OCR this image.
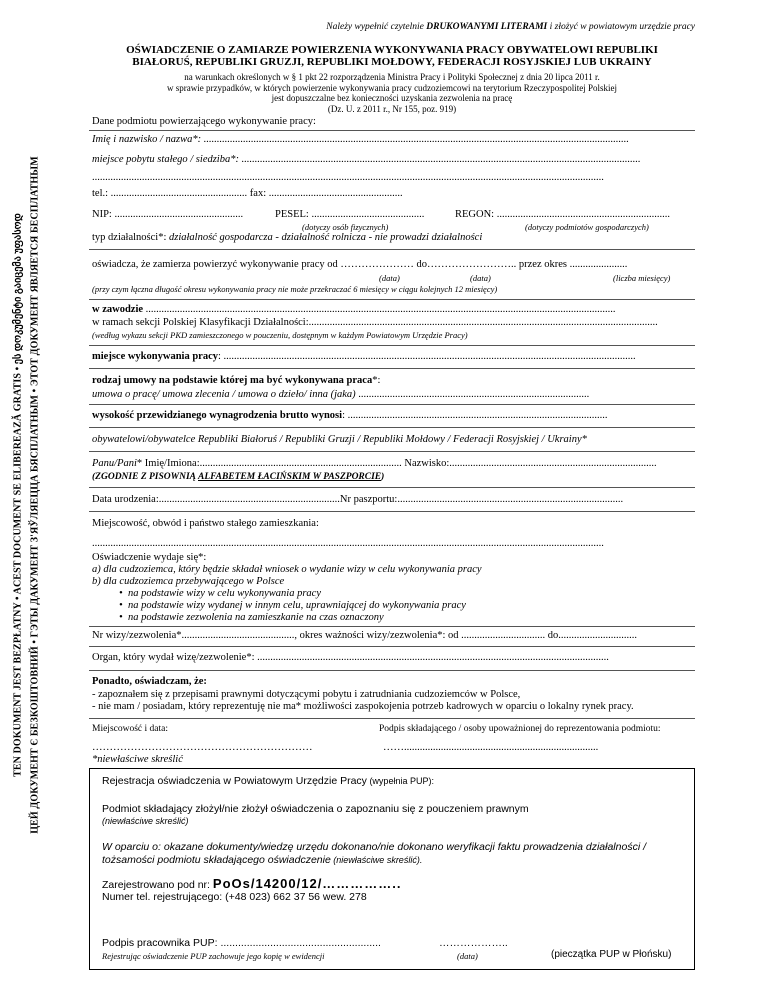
TEN DOKUMENT JEST BEZPŁATNY • ACEST DOCUMENT SE ELIBEREAZĂ GRATIS • ეს დოკუმენტი გაიცემა უფასოდ ЦЕЙ ДОКУМЕНТ Є БЕЗКОШТОВНИЙ • ГЭТЫ ДАКУМЕНТ З'ЯЎЛЯЕЦЦА БЯСПЛАТНЫМ • ЭТОТ ДОКУМЕНТ ЯВЛЯЕТСЯ БЕСПЛАТНЫМ
Należy wypełnić czytelnie DRUKOWANYMI LITERAMI i złożyć w powiatowym urzędzie pracy
OŚWIADCZENIE O ZAMIARZE POWIERZENIA WYKONYWANIA PRACY OBYWATELOWI REPUBLIKI
BIAŁORUŚ, REPUBLIKI GRUZJI, REPUBLIKI MOŁDOWY, FEDERACJI ROSYJSKIEJ LUB UKRAINY
na warunkach określonych w § 1 pkt 22 rozporządzenia Ministra Pracy i Polityki Społecznej z dnia 20 lipca 2011 r.
w sprawie przypadków, w których powierzenie wykonywania pracy cudzoziemcowi na terytorium Rzeczypospolitej Polskiej
jest dopuszczalne bez konieczności uzyskania zezwolenia na pracę
(Dz. U. z 2011 r., Nr 155, poz. 919)
Dane podmiotu powierzającego wykonywanie pracy:
Imię i nazwisko / nazwa*: ..................................................................................................................................................................
miejsce pobytu stałego / siedziba*: ........................................................................................................................................................
...................................................................................................................................................................................................
tel.: .................................................... fax: ...................................................
NIP: .................................................	PESEL: ...........................................
(dotyczy osób fizycznych)
REGON: ..................................................................
(dotyczy podmiotów gospodarczych)
typ działalności*: działalność gospodarcza - działalność rolnicza - nie prowadzi działalności
oświadcza, że zamierza powierzyć wykonywanie pracy od ………………… do…………………….. przez okres ......................
(data)	(data)	(liczba miesięcy)
(przy czym łączna długość okresu wykonywania pracy nie może przekraczać 6 miesięcy w ciągu kolejnych 12 miesięcy)
w zawodzie ...................................................................................................................................................................................
w ramach sekcji Polskiej Klasyfikacji Działalności:.....................................................................................................................................
(według wykazu sekcji PKD zamieszczonego w pouczeniu, dostępnym w każdym Powiatowym Urzędzie Pracy)
miejsce wykonywania pracy: .............................................................................................................................................................
rodzaj umowy na podstawie której ma być wykonywana praca*:
umowa o pracę/ umowa zlecenia / umowa o dzieło/ inna (jaka) ........................................................................................
wysokość przewidzianego wynagrodzenia brutto wynosi: ...................................................................................................
obywatelowi/obywatelce Republiki Białoruś / Republiki Gruzji / Republiki Mołdowy / Federacji Rosyjskiej / Ukrainy*
Panu/Pani* Imię/Imiona:............................................................................. Nazwisko:...............................................................................
(ZGODNIE Z PISOWNIĄ ALFABETEM ŁACIŃSKIM W PASZPORCIE)
Data urodzenia:.....................................................................Nr paszportu:......................................................................................
Miejscowość, obwód i państwo stałego zamieszkania:
...................................................................................................................................................................................................
Oświadczenie wydaje się*:
a) dla cudzoziemca, który będzie składał wniosek o wydanie wizy w celu wykonywania pracy
b) dla cudzoziemca przebywającego w Polsce
•  na podstawie wizy w celu wykonywania pracy
•  na podstawie wizy wydanej w innym celu, uprawniającej do wykonywania pracy
•  na podstawie zezwolenia na zamieszkanie na czas oznaczony
Nr wizy/zezwolenia*..........................................., okres ważności wizy/zezwolenia*: od ................................ do..............................
Organ, który wydał wizę/zezwolenie*: ......................................................................................................................................
Ponadto, oświadczam, że:
- zapoznałem się z przepisami prawnymi dotyczącymi pobytu i zatrudniania cudzoziemców w Polsce,
- nie mam / posiadam, który reprezentuję nie ma* możliwości zaspokojenia potrzeb kadrowych w oparciu o lokalny rynek pracy.
Miejscowość i data:	Podpis składającego / osoby upoważnionej do reprezentowania podmiotu:
………………………………………………………	……..........................................................................
*niewłaściwe skreślić
Rejestracja oświadczenia w Powiatowym Urzędzie Pracy (wypełnia PUP):
Podmiot składający złożył/nie złożył oświadczenia o zapoznaniu się z pouczeniem prawnym
(niewłaściwe skreślić)
W oparciu o: okazane dokumenty/wiedzę urzędu dokonano/nie dokonano weryfikacji faktu prowadzenia działalności /
tożsamości podmiotu składającego oświadczenie (niewłaściwe skreślić).
Zarejestrowano pod nr: PoOs/14200/12/……………..
Numer tel. rejestrującego: (+48 023) 662 37 56 wew. 278
Podpis pracownika PUP: .......................................................
Rejestrując oświadczenie PUP zachowuje jego kopię w ewidencji
………………..
(data)	(pieczątka PUP w Płońsku)
